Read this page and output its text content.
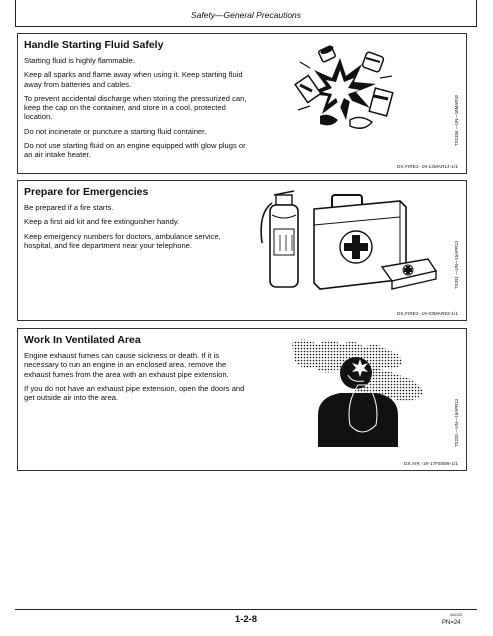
Safety—General Precautions
Handle Starting Fluid Safely

Starting fluid is highly flammable.

Keep all sparks and flame away when using it. Keep starting fluid away from batteries and cables.

To prevent accidental discharge when storing the pressurized can, keep the cap on the container, and store in a cool, protected location.

Do not incinerate or puncture a starting fluid container.

Do not use starting fluid on an engine equipped with glow plugs or an air intake heater.

TS1356 —UN—18MAR92
DX,FIRE3 -19-14MAR14-1/1
Prepare for Emergencies

Be prepared if a fire starts.

Keep a first aid kit and fire extinguisher handy.

Keep emergency numbers for doctors, ambulance service, hospital, and fire department near your telephone.	TS291 —UN—15APR13
DX,FIRE2 -19-03MAR93-1/1
Work In Ventilated Area

Engine exhaust fumes can cause sickness or death. If it is necessary to run an engine in an enclosed area, remove the exhaust fumes from the area with an exhaust pipe extension.

If you do not have an exhaust pipe extension, open the doors and get outside air into the area.

TS220 —UN—15APR13
DX,AIR -19-17FEB99-1/1
1-2-8	042125
PN=24
